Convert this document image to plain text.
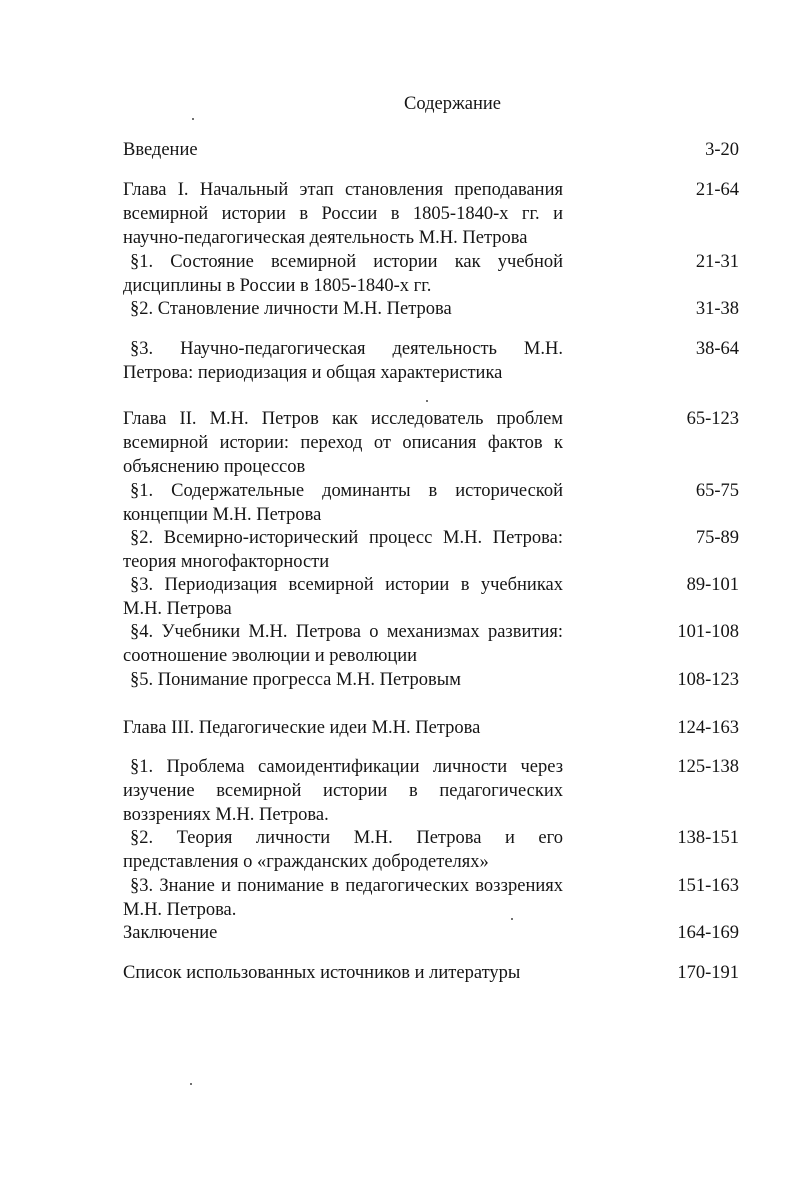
Содержание
Введение	3-20
Глава I. Начальный этап становления преподавания всемирной истории в России в 1805-1840-х гг. и научно-педагогическая деятельность М.Н. Петрова
21-64
§1. Состояние всемирной истории как учебной дисциплины в России в 1805-1840-х гг.
21-31
§2. Становление личности М.Н. Петрова	31-38
§3. Научно-педагогическая деятельность М.Н. Петрова: периодизация и общая характеристика
38-64
Глава II. М.Н. Петров как исследователь проблем всемирной истории: переход от описания фактов к объяснению процессов
65-123
§1. Содержательные доминанты в исторической концепции М.Н. Петрова
65-75
§2. Всемирно-исторический процесс М.Н. Петрова: теория многофакторности
75-89
§3. Периодизация всемирной истории в учебниках М.Н. Петрова
89-101
§4. Учебники М.Н. Петрова о механизмах развития: соотношение эволюции и революции
101-108
§5. Понимание прогресса М.Н. Петровым	108-123
Глава III. Педагогические идеи М.Н. Петрова	124-163
§1. Проблема самоидентификации личности через изучение всемирной истории в педагогических воззрениях М.Н. Петрова.
125-138
§2. Теория личности М.Н. Петрова и его представления о «гражданских добродетелях»
138-151
§3. Знание и понимание в педагогических воззрениях М.Н. Петрова.
151-163
Заключение	164-169
Список использованных источников и литературы	170-191
